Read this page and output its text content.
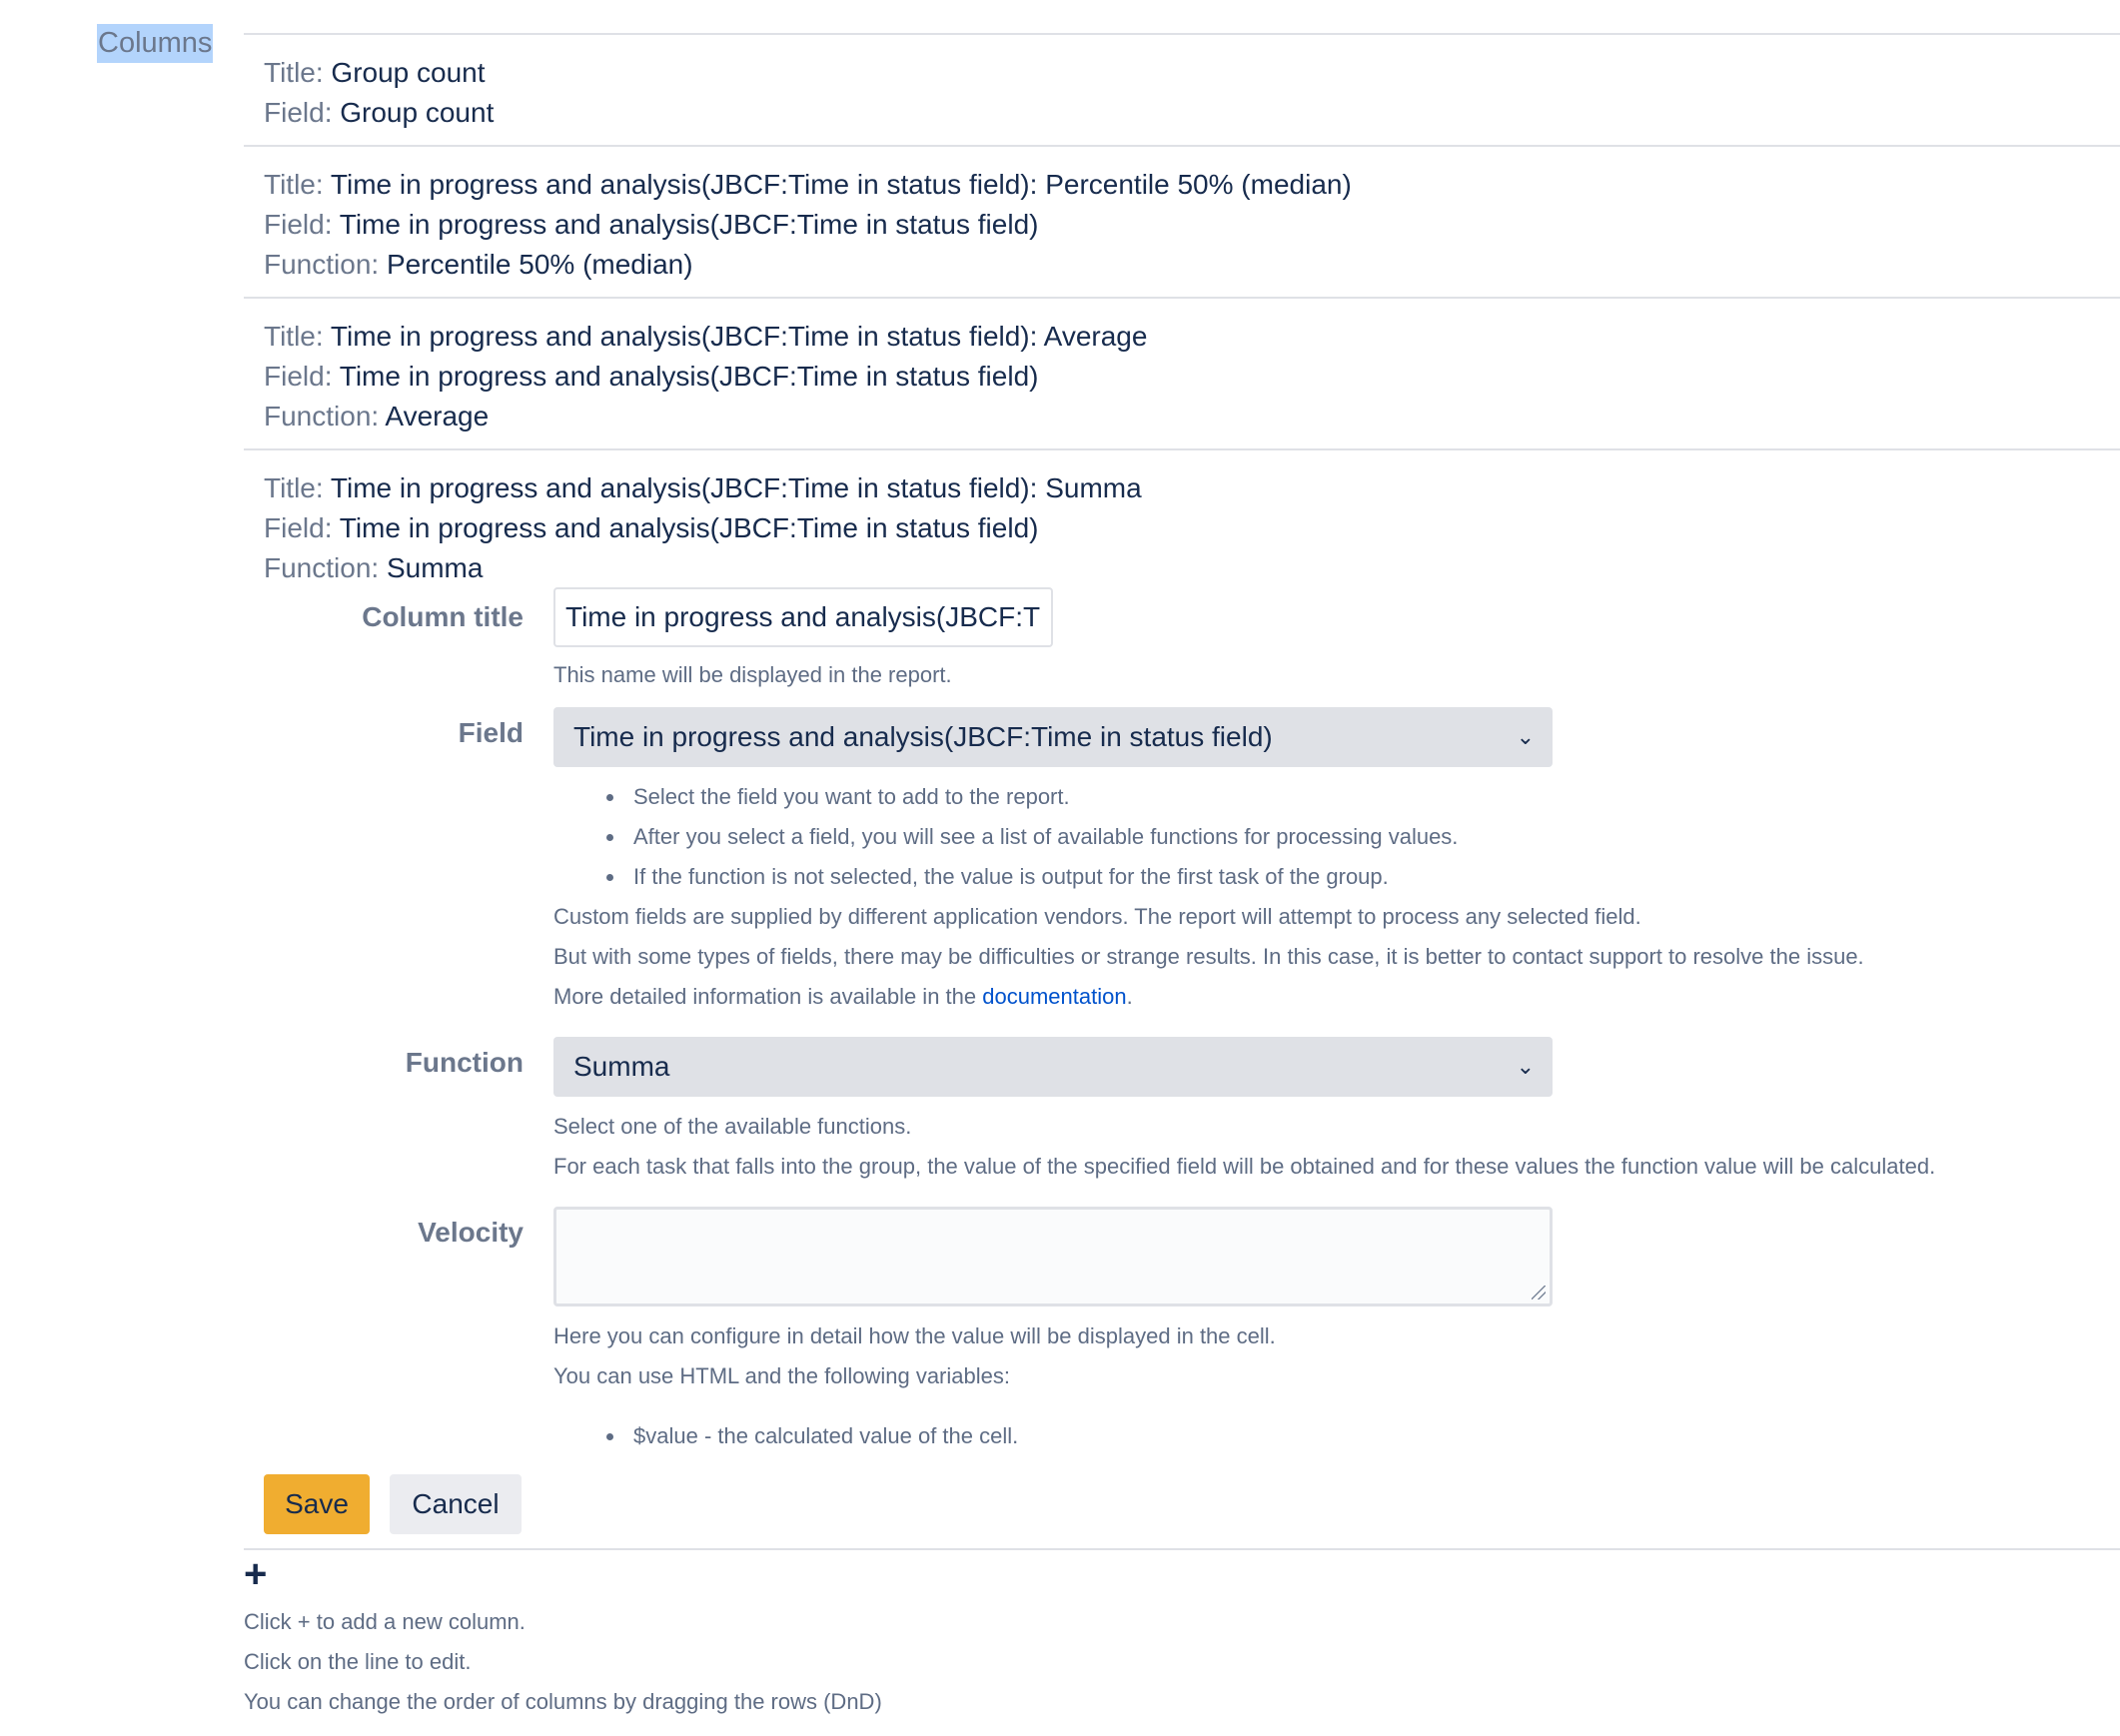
Columns
Title: Group count
Field: Group count
Title: Time in progress and analysis(JBCF:Time in status field): Percentile 50% (median)
Field: Time in progress and analysis(JBCF:Time in status field)
Function: Percentile 50% (median)
Title: Time in progress and analysis(JBCF:Time in status field): Average
Field: Time in progress and analysis(JBCF:Time in status field)
Function: Average
Title: Time in progress and analysis(JBCF:Time in status field): Summa
Field: Time in progress and analysis(JBCF:Time in status field)
Function: Summa
Column title	Time in progress and analysis(JBCF:T
This name will be displayed in the report.
Field	Time in progress and analysis(JBCF:Time in status field)	⌄
Select the field you want to add to the report.
After you select a field, you will see a list of available functions for processing values.
If the function is not selected, the value is output for the first task of the group.
Custom fields are supplied by different application vendors. The report will attempt to process any selected field.
But with some types of fields, there may be difficulties or strange results. In this case, it is better to contact support to resolve the issue.
More detailed information is available in the documentation.
Function	Summa	⌄
Select one of the available functions.
For each task that falls into the group, the value of the specified field will be obtained and for these values the function value will be calculated.
Velocity
Here you can configure in detail how the value will be displayed in the cell.
You can use HTML and the following variables:
$value - the calculated value of the cell.
Save	Cancel
+
Click + to add a new column.
Click on the line to edit.
You can change the order of columns by dragging the rows (DnD)
